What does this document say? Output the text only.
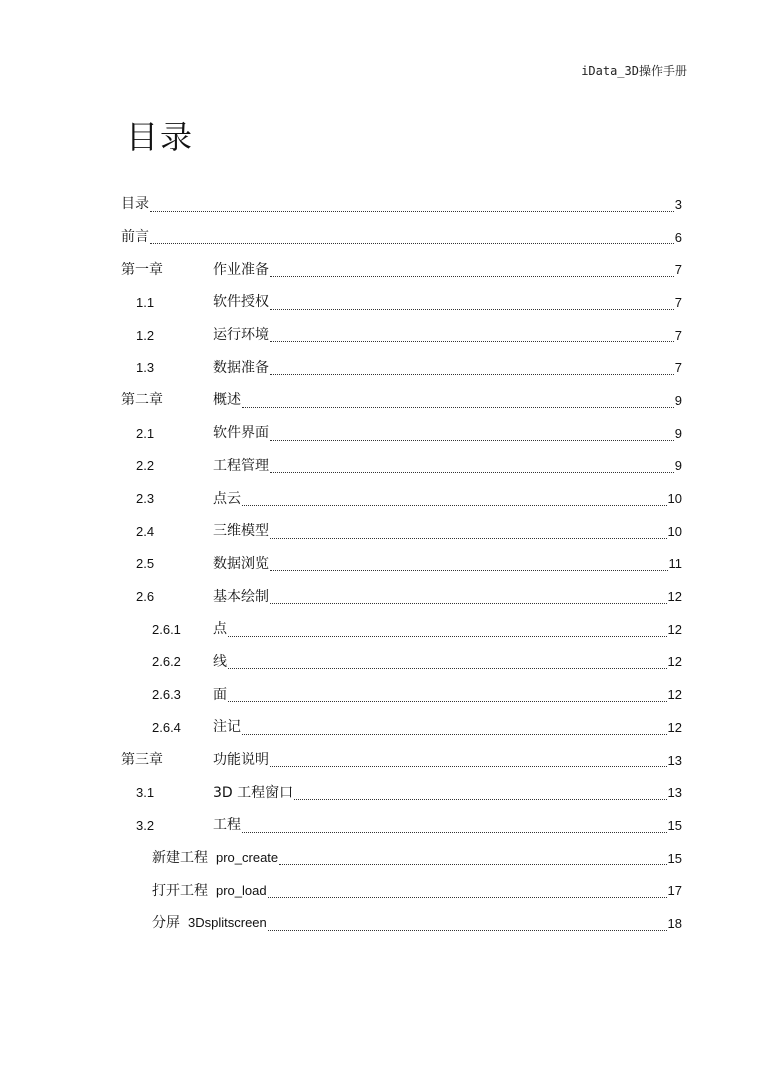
iData_3D操作手册
目录
目录	3
前言	6
第一章	作业准备	7
1.1	软件授权	7
1.2	运行环境	7
1.3	数据准备	7
第二章	概述	9
2.1	软件界面	9
2.2	工程管理	9
2.3	点云	10
2.4	三维模型	10
2.5	数据浏览	11
2.6	基本绘制	12
2.6.1	点	12
2.6.2	线	12
2.6.3	面	12
2.6.4	注记	12
第三章	功能说明	13
3.1	3D 工程窗口	13
3.2	工程	15
新建工程 pro_create	15
打开工程 pro_load	17
分屏 3Dsplitscreen	18
